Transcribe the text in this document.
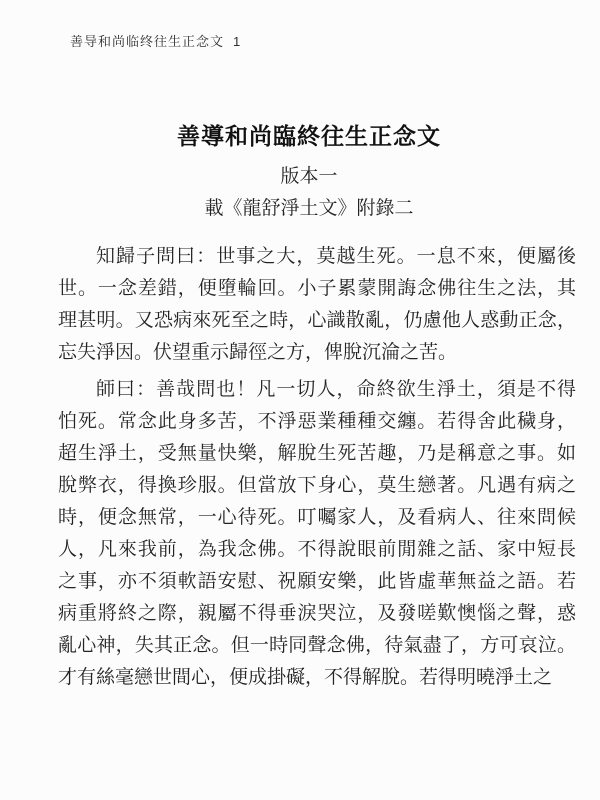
善导和尚临终往生正念文 1
善導和尚臨終往生正念文
版本一
載《龍舒淨土文》附錄二
知歸子問曰：世事之大，莫越生死。一息不來，便屬後
世。一念差錯，便墮輪回。小子累蒙開誨念佛往生之法，其
理甚明。又恐病來死至之時，心識散亂，仍慮他人惑動正念，
忘失淨因。伏望重示歸徑之方，俾脫沉淪之苦。
師曰：善哉問也！凡一切人，命終欲生淨土，須是不得
怕死。常念此身多苦，不淨惡業種種交纏。若得舍此穢身，
超生淨土，受無量快樂，解脫生死苦趣，乃是稱意之事。如
脫弊衣，得換珍服。但當放下身心，莫生戀著。凡遇有病之
時，便念無常，一心待死。叮囑家人，及看病人、往來問候
人，凡來我前，為我念佛。不得說眼前閒雜之話、家中短長
之事，亦不須軟語安慰、祝願安樂，此皆虛華無益之語。若
病重將終之際，親屬不得垂淚哭泣，及發嗟歎懊惱之聲，惑
亂心神，失其正念。但一時同聲念佛，待氣盡了，方可哀泣。
才有絲毫戀世間心，便成掛礙，不得解脫。若得明曉淨土之
